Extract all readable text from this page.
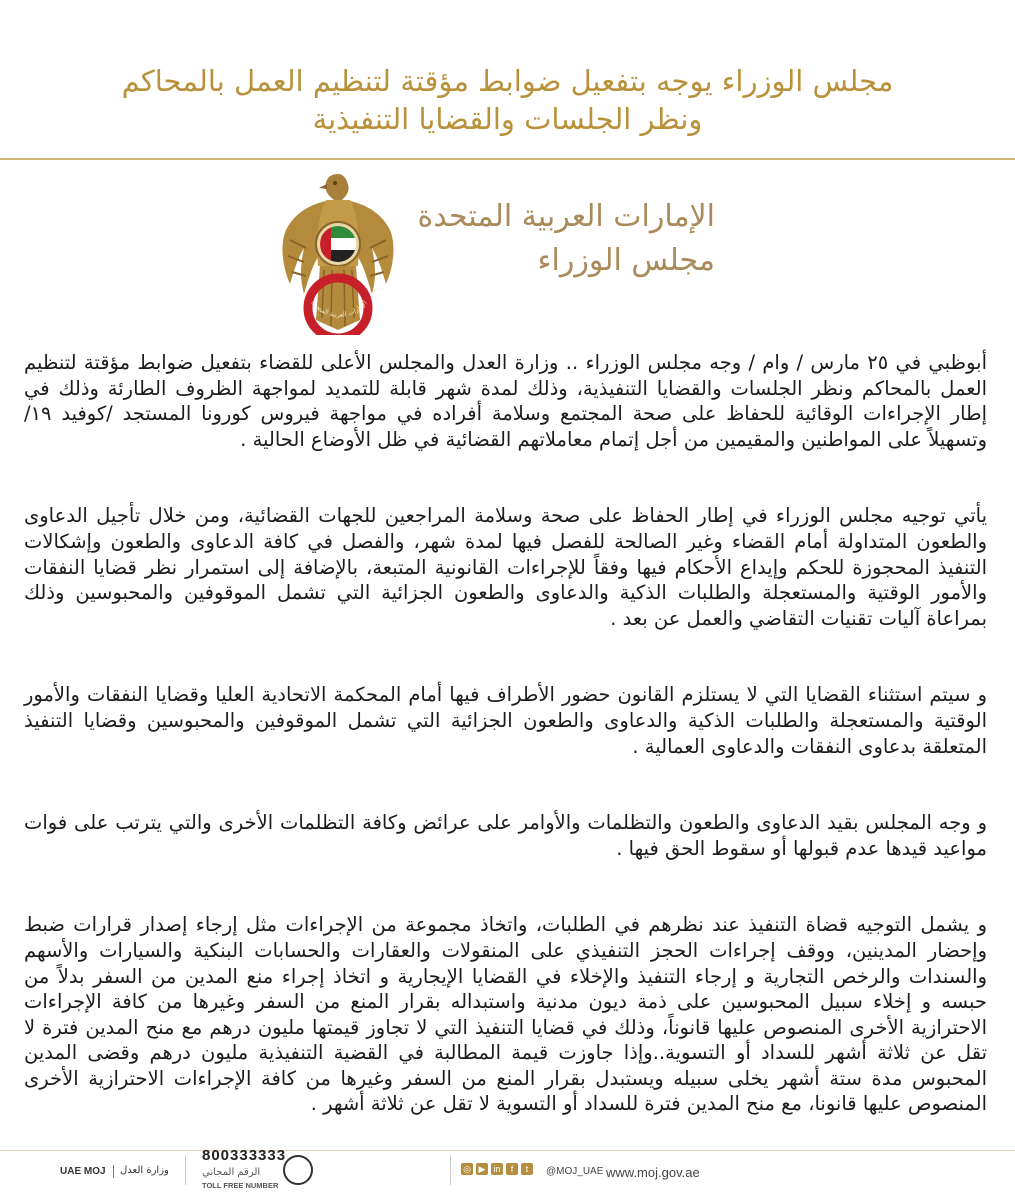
مجلس الوزراء يوجه بتفعيل ضوابط مؤقتة لتنظيم العمل بالمحاكم
ونظر الجلسات والقضايا التنفيذية
الإمارات العربية المتحدة
الإمارات العربية المتحدة
مجلس الوزراء

أبوظبي في ٢٥ مارس / وام / وجه مجلس الوزراء .. وزارة العدل والمجلس الأعلى للقضاء بتفعيل ضوابط مؤقتة لتنظيم العمل بالمحاكم ونظر الجلسات والقضايا التنفيذية، وذلك لمدة شهر قابلة للتمديد لمواجهة الظروف الطارئة وذلك في إطار الإجراءات الوقائية للحفاظ على صحة المجتمع وسلامة أفراده في مواجهة فيروس كورونا المستجد /كوفيد ١٩/ وتسهيلاً على المواطنين والمقيمين من أجل إتمام معاملاتهم القضائية في ظل الأوضاع الحالية .

يأتي توجيه مجلس الوزراء في إطار الحفاظ على صحة وسلامة المراجعين للجهات القضائية، ومن خلال تأجيل الدعاوى والطعون المتداولة أمام القضاء وغير الصالحة للفصل فيها لمدة شهر، والفصل في كافة الدعاوى والطعون وإشكالات التنفيذ المحجوزة للحكم وإيداع الأحكام فيها وفقاً للإجراءات القانونية المتبعة، بالإضافة إلى استمرار نظر قضايا النفقات والأمور الوقتية والمستعجلة والطلبات الذكية والدعاوى والطعون الجزائية التي تشمل الموقوفين والمحبوسين وذلك بمراعاة آليات تقنيات التقاضي والعمل عن بعد .

و سيتم استثناء القضايا التي لا يستلزم القانون حضور الأطراف فيها أمام المحكمة الاتحادية العليا وقضايا النفقات والأمور الوقتية والمستعجلة والطلبات الذكية والدعاوى والطعون الجزائية التي تشمل الموقوفين والمحبوسين وقضايا التنفيذ المتعلقة بدعاوى النفقات والدعاوى العمالية .

و وجه المجلس بقيد الدعاوى والطعون والتظلمات والأوامر على عرائض وكافة التظلمات الأخرى والتي يترتب على فوات مواعيد قيدها عدم قبولها أو سقوط الحق فيها .

و يشمل التوجيه قضاة التنفيذ عند نظرهم في الطلبات، واتخاذ مجموعة من الإجراءات مثل إرجاء إصدار قرارات ضبط وإحضار المدينين، ووقف إجراءات الحجز التنفيذي على المنقولات والعقارات والحسابات البنكية والسيارات والأسهم والسندات والرخص التجارية و إرجاء التنفيذ والإخلاء في القضايا الإيجارية و اتخاذ إجراء منع المدين من السفر بدلاً من حبسه و إخلاء سبيل المحبوسين على ذمة ديون مدنية واستبداله بقرار المنع من السفر وغيرها من كافة الإجراءات الاحترازية الأخرى المنصوص عليها قانوناً، وذلك في قضايا التنفيذ التي لا تجاوز قيمتها مليون درهم مع منح المدين فترة لا تقل عن ثلاثة أشهر للسداد أو التسوية..وإذا جاوزت قيمة المطالبة في القضية التنفيذية مليون درهم وقضى المدين المحبوس مدة ستة أشهر يخلى سبيله ويستبدل بقرار المنع من السفر وغيرها من كافة الإجراءات الاحترازية الأخرى المنصوص عليها قانونا، مع منح المدين فترة للسداد أو التسوية لا تقل عن ثلاثة أشهر .

www.moj.gov.ae
@MOJ_UAE
◎ ▶ in	f	t
800333333
الرقم المجاني
TOLL FREE NUMBER
UAE MOJ وزارة العدل
